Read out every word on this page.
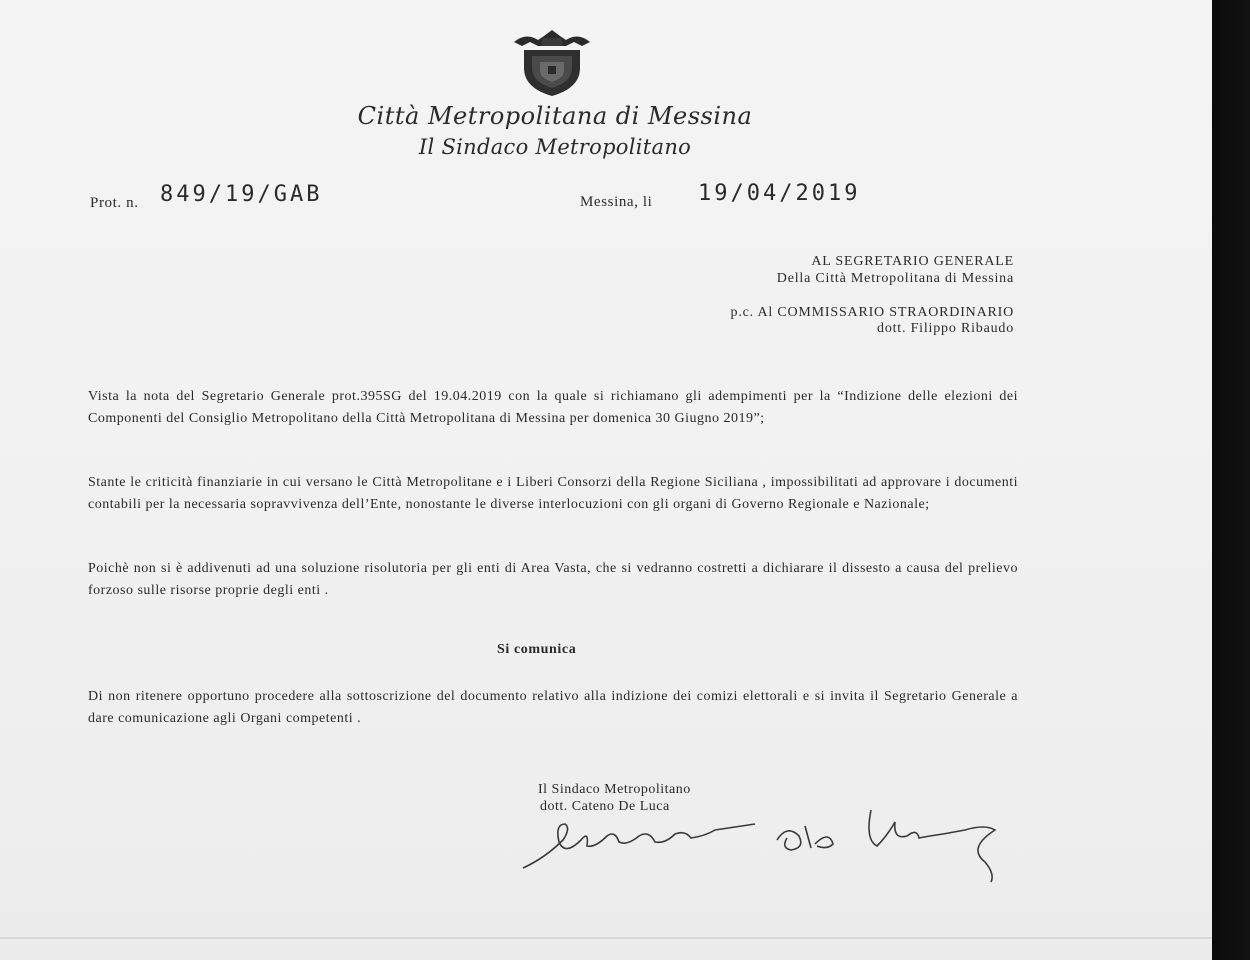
Città Metropolitana di Messina
Il Sindaco Metropolitano
Prot. n. 849/19/GAB	Messina, li 19/04/2019
AL SEGRETARIO GENERALE
Della Città Metropolitana di Messina
p.c. Al COMMISSARIO STRAORDINARIO
dott. Filippo Ribaudo
Vista la nota del Segretario Generale prot.395SG del 19.04.2019 con la quale si richiamano gli adempimenti per la “Indizione delle elezioni dei Componenti del Consiglio Metropolitano della Città Metropolitana di Messina per domenica 30 Giugno 2019”;
Stante le criticità finanziarie in cui versano le Città Metropolitane e i Liberi Consorzi della Regione Siciliana , impossibilitati ad approvare i documenti contabili per la necessaria sopravvivenza dell’Ente, nonostante le diverse interlocuzioni con gli organi di Governo Regionale e Nazionale;
Poichè non si è addivenuti ad una soluzione risolutoria per gli enti di Area Vasta, che si vedranno costretti a dichiarare il dissesto a causa del prelievo forzoso sulle risorse proprie degli enti .
Si comunica
Di non ritenere opportuno procedere alla sottoscrizione del documento relativo alla indizione dei comizi elettorali e si invita il Segretario Generale a dare comunicazione agli Organi competenti .
Il Sindaco Metropolitano
dott. Cateno De Luca
